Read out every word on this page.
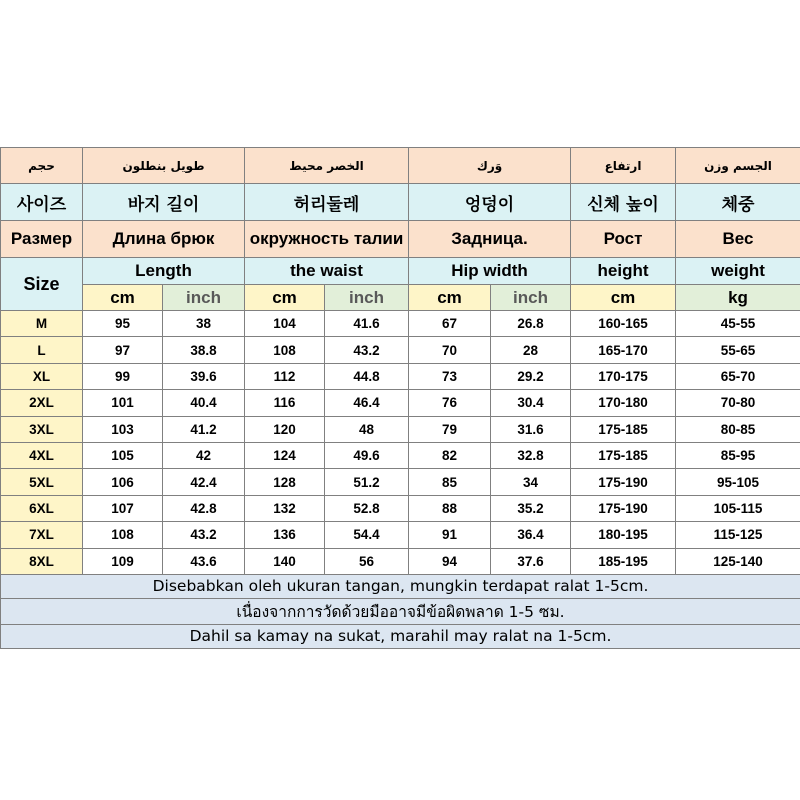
حجم	طويل بنطلون		الخصر محيط		وَرك		ارتفاع	الجسم وزن
사이즈	바지 길이		허리둘레		엉덩이		신체 높이	체중
Размер	Длина брюк		окружность талии		Задница.		Рост	Вес
Size	Length		the waist		Hip width		height	weight
	cm	inch	cm	inch	cm	inch	cm	kg
M	95	38	104	41.6	67	26.8	160-165	45-55
L	97	38.8	108	43.2	70	28	165-170	55-65
XL	99	39.6	112	44.8	73	29.2	170-175	65-70
2XL	101	40.4	116	46.4	76	30.4	170-180	70-80
3XL	103	41.2	120	48	79	31.6	175-185	80-85
4XL	105	42	124	49.6	82	32.8	175-185	85-95
5XL	106	42.4	128	51.2	85	34	175-190	95-105
6XL	107	42.8	132	52.8	88	35.2	175-190	105-115
7XL	108	43.2	136	54.4	91	36.4	180-195	115-125
8XL	109	43.6	140	56	94	37.6	185-195	125-140
Disebabkan oleh ukuran tangan, mungkin terdapat ralat 1-5cm.								
เนื่องจากการวัดด้วยมืออาจมีข้อผิดพลาด 1-5 ซม.								
Dahil sa kamay na sukat, marahil may ralat na 1-5cm.								
